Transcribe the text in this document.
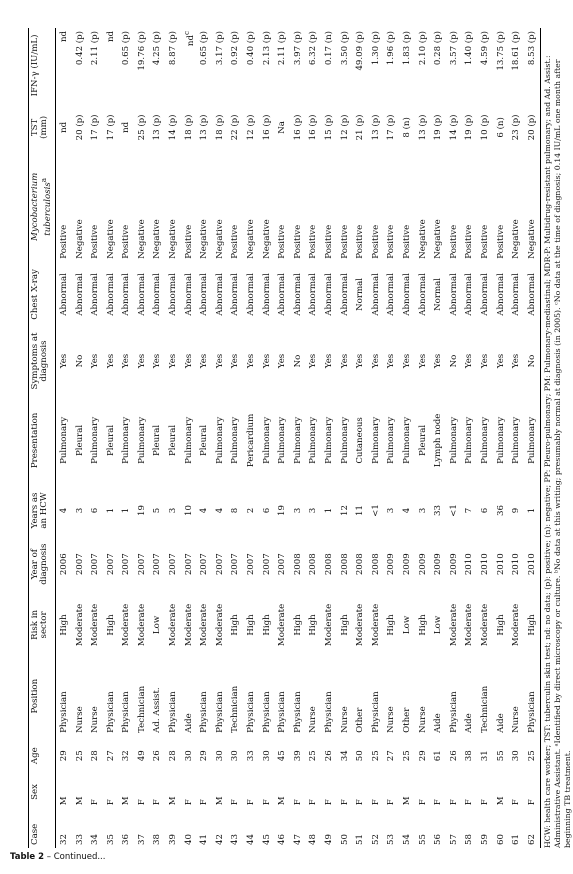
Table 2 – Continued...
Case	Sex	Age	Position	Risk in sector	Year of diagnosis	Years as an HCW	Presentation	Symptoms at diagnosis	Chest X-ray	Mycobacterium tuberculosis$^a$	TST (mm)	IFN-γ (IU/mL)
32	M	29	Physician	High	2006	4	Pulmonary	Yes	Abnormal	Positive	nd	nd
33	M	25	Nurse	Moderate	2007	3	Pleural	No	Abnormal	Negative	20 (p)	0.42 (p)
34	F	28	Nurse	Moderate	2007	6	Pulmonary	Yes	Abnormal	Positive	17 (p)	2.11 (p)
35	F	27	Physician	High	2007	1	Pleural	Yes	Abnormal	Negative	17 (p)	nd
36	M	32	Physician	Moderate	2007	1	Pulmonary	Yes	Abnormal	Positive	nd	0.65 (p)
37	F	49	Technician	Moderate	2007	19	Pulmonary	Yes	Abnormal	Negative	25 (p)	19.76 (p)
38	F	26	Ad. Assist.	Low	2007	5	Pleural	Yes	Abnormal	Negative	13 (p)	4.25 (p)
39	M	28	Physician	Moderate	2007	3	Pleural	Yes	Abnormal	Negative	14 (p)	8.87 (p)
40	F	30	Aide	Moderate	2007	10	Pulmonary	Yes	Abnormal	Positive	18 (p)	$nd^c$
41	F	29	Physician	Moderate	2007	4	Pleural	Yes	Abnormal	Negative	13 (p)	0.65 (p)
42	M	30	Physician	Moderate	2007	4	Pulmonary	Yes	Abnormal	Negative	18 (p)	3.17 (p)
43	F	30	Technician	High	2007	8	Pulmonary	Yes	Abnormal	Positive	22 (p)	0.92 (p)
44	F	33	Physician	High	2007	2	Pericardium	Yes	Abnormal	Negative	12 (p)	0.40 (p)
45	F	30	Physician	High	2007	6	Pulmonary	Yes	Abnormal	Negative	16 (p)	2.13 (p)
46	M	45	Physician	Moderate	2007	19	Pulmonary	Yes	Abnormal	Positive	Na	2.11 (p)
47	F	39	Physician	High	2008	3	Pulmonary	No	Abnormal	Positive	16 (p)	3.97 (p)
48	F	25	Nurse	High	2008	3	Pulmonary	Yes	Abnormal	Positive	16 (p)	6.32 (p)
49	F	26	Physician	Moderate	2008	1	Pulmonary	Yes	Abnormal	Positive	15 (p)	0.17 (n)
50	F	34	Nurse	High	2008	12	Pulmonary	Yes	Abnormal	Positive	12 (p)	3.50 (p)
51	F	50	Other	Moderate	2008	11	Cutaneous	Yes	Normal	Positive	21 (p)	49.09 (p)
52	F	25	Physician	Moderate	2008	<1	Pulmonary	Yes	Abnormal	Positive	13 (p)	1.30 (p)
53	F	27	Nurse	High	2009	3	Pulmonary	Yes	Abnormal	Positive	17 (p)	1.96 (p)
54	M	25	Other	Low	2009	4	Pulmonary	Yes	Abnormal	Positive	8 (n)	1.83 (p)
55	F	29	Nurse	High	2009	3	Pleural	Yes	Abnormal	Negative	13 (p)	2.10 (p)
56	F	61	Aide	Low	2009	33	Lymph node	Yes	Normal	Negative	19 (p)	0.28 (p)
57	F	26	Physician	Moderate	2009	<1	Pulmonary	No	Abnormal	Positive	14 (p)	3.57 (p)
58	F	38	Aide	Moderate	2010	7	Pulmonary	Yes	Abnormal	Positive	19 (p)	1.40 (p)
59	F	31	Technician	Moderate	2010	6	Pulmonary	Yes	Abnormal	Positive	10 (p)	4.59 (p)
60	M	55	Aide	High	2010	36	Pulmonary	Yes	Abnormal	Positive	6 (n)	13.75 (p)
61	F	30	Nurse	Moderate	2010	9	Pulmonary	Yes	Abnormal	Negative	23 (p)	18.61 (p)
62	F	25	Physician	High	2010	1	Pulmonary	No	Abnormal	Negative	20 (p)	8.53 (p)
HCW: health care worker; TST: tuberculin skin test; nd: no data; (p): positive; (n): negative; PP: Pleuro-pulmonary; PM: Pulmonary-mediastinal; MDR-P: Multidrug-resistant pulmonary; and Ad. Assist.: Administrative Assistant. ᵃIdentified by direct microscopy or culture. ᵇNo data at this writing; presumably normal at diagnosis (in 2005). ᶜNo data at the time of diagnosis; 0.14 IU/mL one month after beginning TB treatment.
